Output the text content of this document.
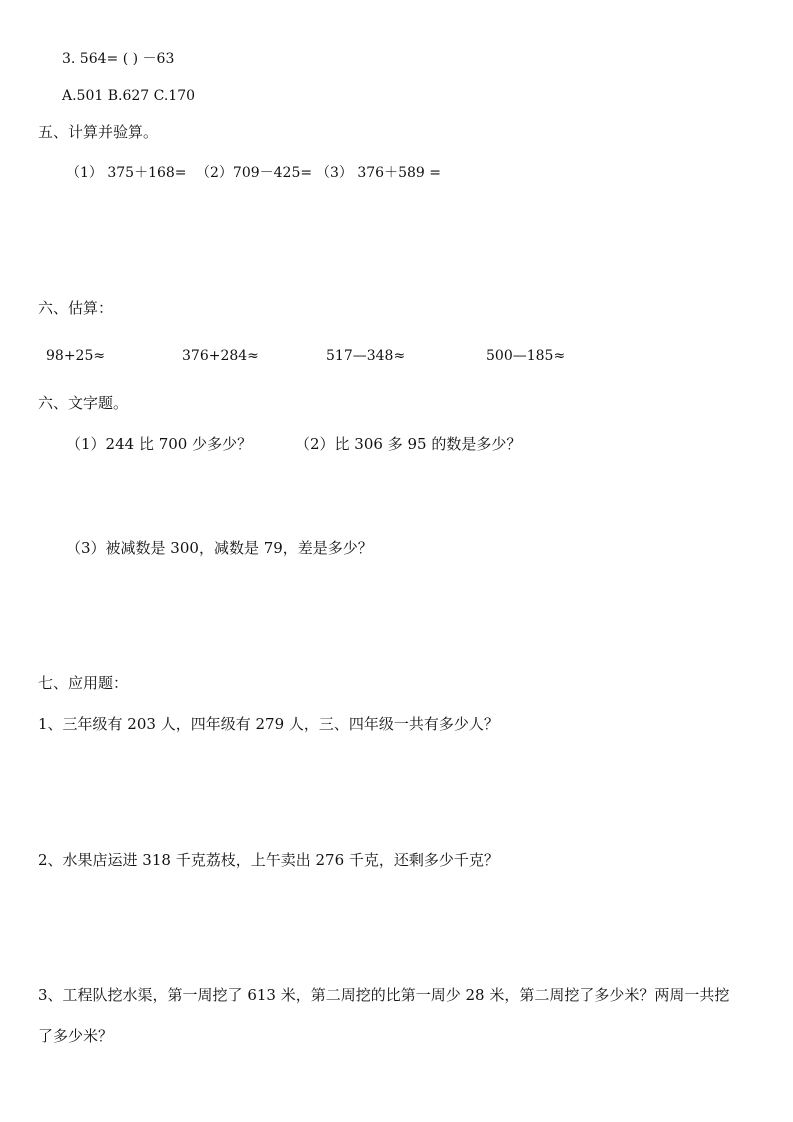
3. 564= ( ) －63
A.501 B.627 C.170
五、计算并验算。
（1） 375＋168= （2）709－425= （3） 376＋589 =
六、估算：
98+25≈	376+284≈	517—348≈	500—185≈
六、文字题。
（1）244 比 700 少多少？	（2）比 306 多 95 的数是多少？
（3）被减数是 300，减数是 79，差是多少？
七、应用题：
1、三年级有 203 人，四年级有 279 人，三、四年级一共有多少人？
2、水果店运进 318 千克荔枝，上午卖出 276 千克，还剩多少千克？
3、工程队挖水渠，第一周挖了 613 米，第二周挖的比第一周少 28 米，第二周挖了多少米？两周一共挖
了多少米？
